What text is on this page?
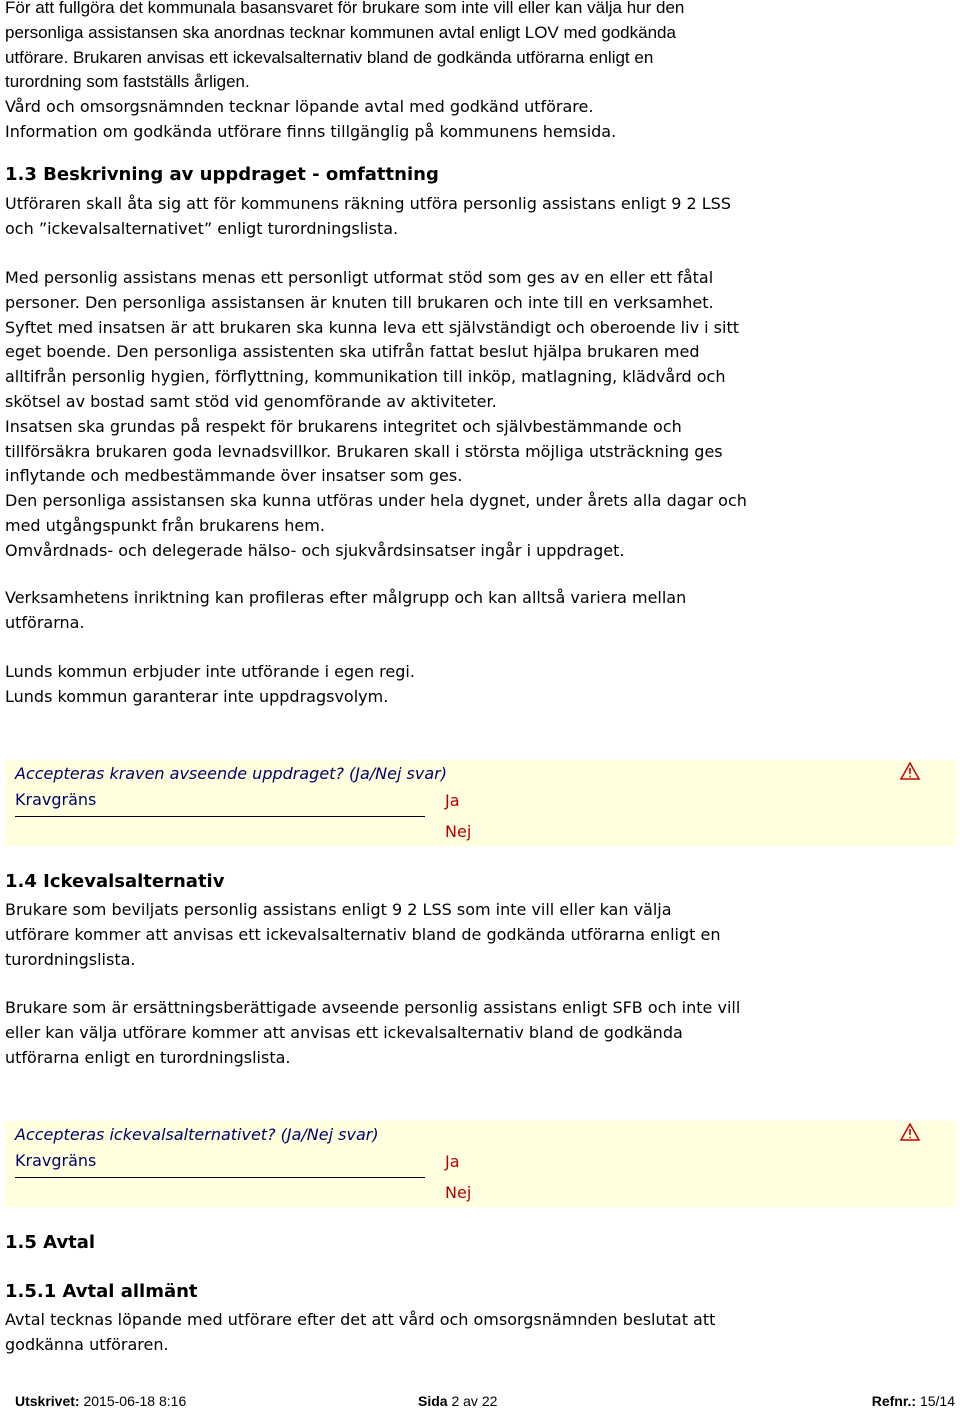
För att fullgöra det kommunala basansvaret för brukare som inte vill eller kan välja hur den
personliga assistansen ska anordnas tecknar kommunen avtal enligt LOV med godkända
utförare. Brukaren anvisas ett ickevalsalternativ bland de godkända utförarna enligt en
turordning som fastställs årligen.
Vård och omsorgsnämnden tecknar löpande avtal med godkänd utförare.
Information om godkända utförare finns tillgänglig på kommunens hemsida.
1.3 Beskrivning av uppdraget - omfattning

Utföraren skall åta sig att för kommunens räkning utföra personlig assistans enligt 9 2 LSS

och ”ickevalsalternativet” enligt turordningslista.

Med personlig assistans menas ett personligt utformat stöd som ges av en eller ett fåtal

personer. Den personliga assistansen är knuten till brukaren och inte till en verksamhet.

Syftet med insatsen är att brukaren ska kunna leva ett självständigt och oberoende liv i sitt

eget boende. Den personliga assistenten ska utifrån fattat beslut hjälpa brukaren med

alltifrån personlig hygien, förflyttning, kommunikation till inköp, matlagning, klädvård och

skötsel av bostad samt stöd vid genomförande av aktiviteter.

Insatsen ska grundas på respekt för brukarens integritet och självbestämmande och

tillförsäkra brukaren goda levnadsvillkor. Brukaren skall i största möjliga utsträckning ges

inflytande och medbestämmande över insatser som ges.

Den personliga assistansen ska kunna utföras under hela dygnet, under årets alla dagar och

med utgångspunkt från brukarens hem.

Omvårdnads- och delegerade hälso- och sjukvårdsinsatser ingår i uppdraget.

Verksamhetens inriktning kan profileras efter målgrupp och kan alltså variera mellan

utförarna.

Lunds kommun erbjuder inte utförande i egen regi.

Lunds kommun garanterar inte uppdragsvolym.

Accepteras kraven avseende uppdraget? (Ja/Nej svar)
Kravgräns	Ja
Nej
1.4 Ickevalsalternativ

Brukare som beviljats personlig assistans enligt 9 2 LSS som inte vill eller kan välja

utförare kommer att anvisas ett ickevalsalternativ bland de godkända utförarna enligt en

turordningslista.

Brukare som är ersättningsberättigade avseende personlig assistans enligt SFB och inte vill

eller kan välja utförare kommer att anvisas ett ickevalsalternativ bland de godkända

utförarna enligt en turordningslista.

Accepteras ickevalsalternativet? (Ja/Nej svar)
Kravgräns	Ja
Nej
1.5 Avtal
1.5.1 Avtal allmänt

Avtal tecknas löpande med utförare efter det att vård och omsorgsnämnden beslutat att

godkänna utföraren.

Utskrivet: 2015-06-18 8:16	Sida 2 av 22	Refnr.: 15/14
